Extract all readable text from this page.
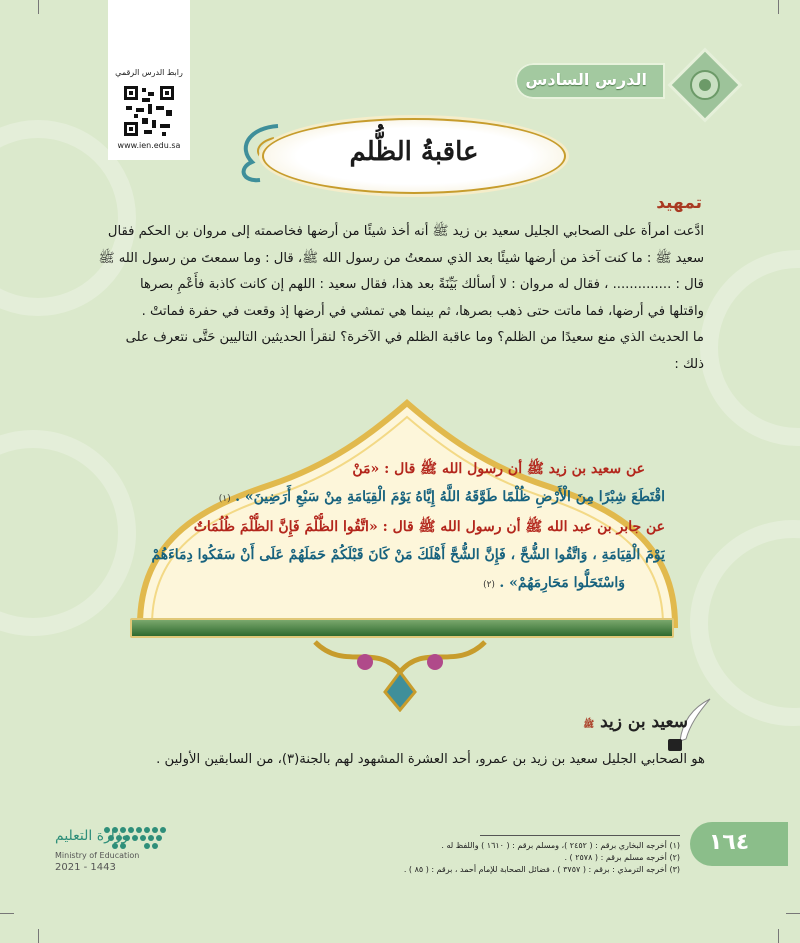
رابط الدرس الرقمي
www.ien.edu.sa
الدرس السادس
عاقبةُ الظُّلم
تمهيد

ادَّعت امرأة على الصحابي الجليل سعيد بن زيد ﷺ أنه أخذ شيئًا من أرضها فخاصمته إلى مروان بن الحكم فقال

سعيد ﷺ : ما كنت آخذ من أرضها شيئًا بعد الذي سمعتُ من رسول الله ﷺ، قال : وما سمعتَ من رسول الله ﷺ

قال : .............. ، فقال له مروان : لا أسألك بَيِّنَةً بعد هذا، فقال سعيد : اللهم إن كانت كاذبة فأَعْمِ بصرها

واقتلها في أرضها، فما ماتت حتى ذهب بصرها، ثم بينما هي تمشي في أرضها إذ وقعت في حفرة فماتتْ .

ما الحديث الذي منع سعيدًا من الظلم؟ وما عاقبة الظلم في الآخرة؟ لنقرأ الحديثين التاليين حَتَّى نتعرف على

ذلك :

عن سعيد بن زيد ﷺ أن رسول الله ﷺ قال : «مَنْ

اقْتَطَعَ شِبْرًا مِنَ الْأَرْضِ ظُلْمًا طَوَّقَهُ اللَّهُ إِيَّاهُ يَوْمَ الْقِيَامَةِ مِنْ سَبْعِ أَرَضِينَ» . (١)

عن جابر بن عبد الله ﷺ أن رسول الله ﷺ قال : «اتَّقُوا الظُّلْمَ فَإِنَّ الظُّلْمَ ظُلُمَاتٌ

يَوْمَ الْقِيَامَةِ ، وَاتَّقُوا الشُّحَّ ، فَإِنَّ الشُّحَّ أَهْلَكَ مَنْ كَانَ قَبْلَكُمْ حَمَلَهُمْ عَلَى أَنْ سَفَكُوا دِمَاءَهُمْ

وَاسْتَحَلُّوا مَحَارِمَهُمْ» . (٢)

سعيد بن زيد ﷺ
هو الصحابي الجليل سعيد بن زيد بن عمرو، أحد العشرة المشهود لهم بالجنة(٣)، من السابقين الأولين .
وزارة التعليم
Ministry of Education
2021 - 1443

(١) أخرجه البخاري برقم : ( ٢٤٥٢ )، ومسلم برقم : ( ١٦١٠ ) واللفظ له .

(٢) أخرجه مسلم برقم : ( ٢٥٧٨ ) .

(٣) أخرجه الترمذي : برقم : ( ٣٧٥٧ ) ، فضائل الصحابة للإمام أحمد ، برقم : ( ٨٥ ) .

١٦٤
